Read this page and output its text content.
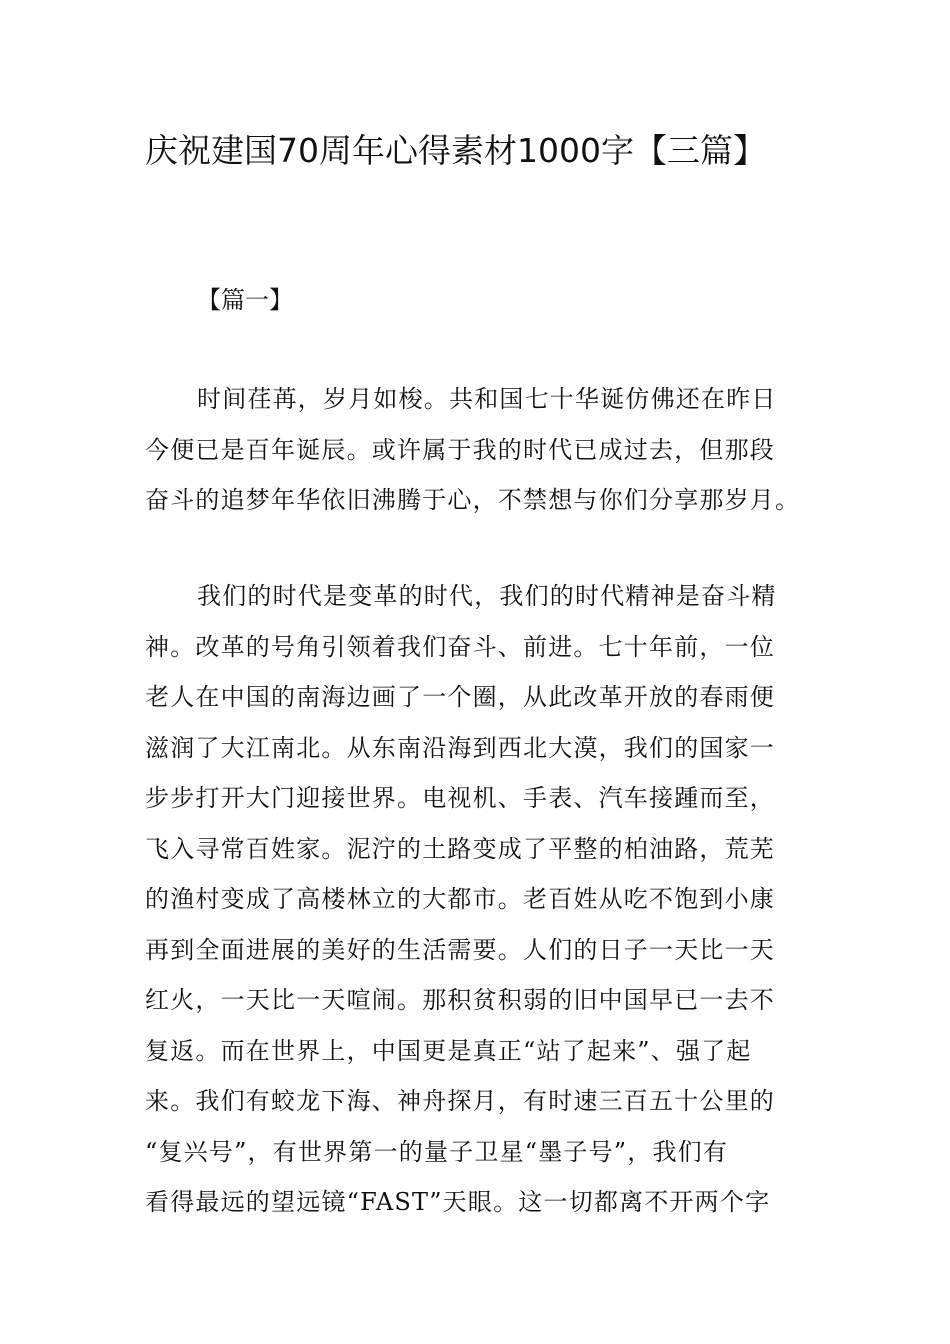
庆祝建国70周年心得素材1000字【三篇】
【篇一】
时间荏苒，岁月如梭。共和国七十华诞仿佛还在昨日
今便已是百年诞辰。或许属于我的时代已成过去，但那段
奋斗的追梦年华依旧沸腾于心，不禁想与你们分享那岁月。
我们的时代是变革的时代，我们的时代精神是奋斗精
神。改革的号角引领着我们奋斗、前进。七十年前，一位
老人在中国的南海边画了一个圈，从此改革开放的春雨便
滋润了大江南北。从东南沿海到西北大漠，我们的国家一
步步打开大门迎接世界。电视机、手表、汽车接踵而至，
飞入寻常百姓家。泥泞的土路变成了平整的柏油路，荒芜
的渔村变成了高楼林立的大都市。老百姓从吃不饱到小康
再到全面进展的美好的生活需要。人们的日子一天比一天
红火，一天比一天喧闹。那积贫积弱的旧中国早已一去不
复返。而在世界上，中国更是真正“站了起来”、强了起
来。我们有蛟龙下海、神舟探月，有时速三百五十公里的
“复兴号”，有世界第一的量子卫星“墨子号”，我们有
看得最远的望远镜“FAST”天眼。这一切都离不开两个字
